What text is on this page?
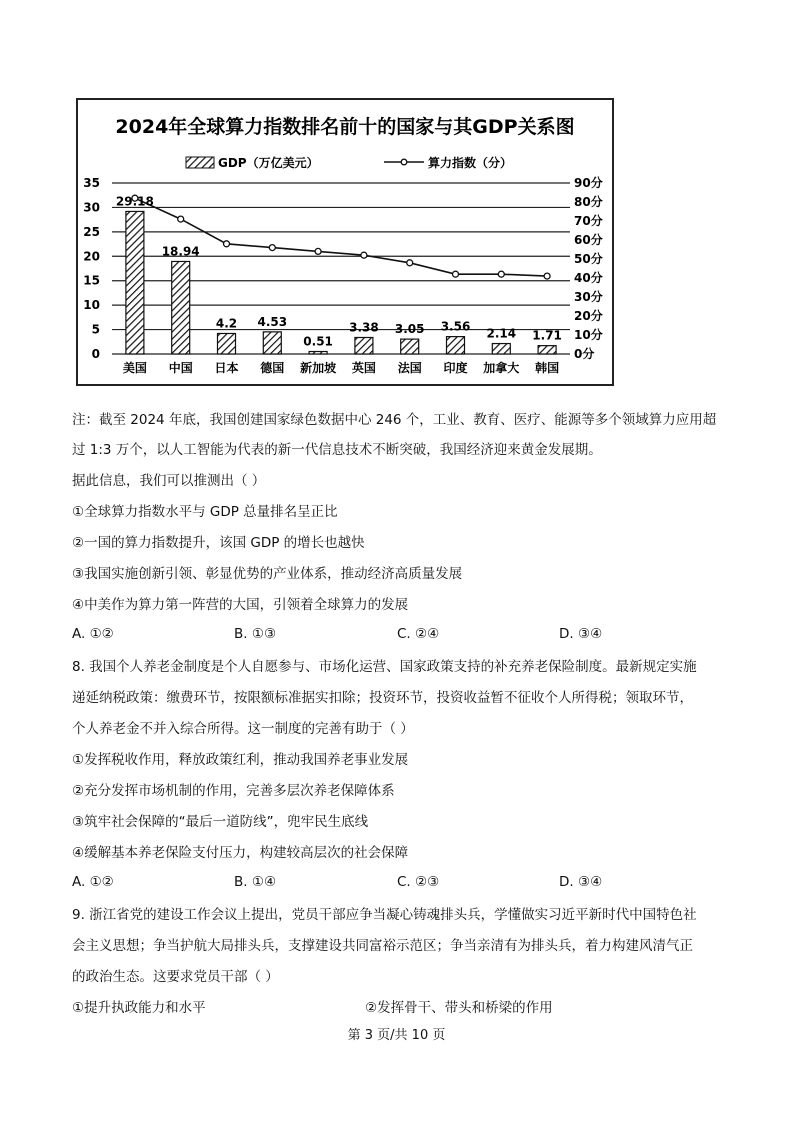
2024年全球算力指数排名前十的国家与其GDP关系图
GDP（万亿美元）	算力指数（分）
0
5
10
15
20
25
30
35
0分
10分
20分
30分
40分
50分
60分
70分
80分
90分
29.18
美国
18.94
中国
4.2
日本
4.53
德国
0.51
新加坡
3.38
英国
3.05
法国
3.56
印度
2.14
加拿大
1.71
韩国
注：截至 2024 年底，我国创建国家绿色数据中心 246 个，工业、教育、医疗、能源等多个领域算力应用超
过 1:3 万个，以人工智能为代表的新一代信息技术不断突破，我国经济迎来黄金发展期。
据此信息，我们可以推测出（ ）
①全球算力指数水平与 GDP 总量排名呈正比
②一国的算力指数提升，该国 GDP 的增长也越快
③我国实施创新引领、彰显优势的产业体系，推动经济高质量发展
④中美作为算力第一阵营的大国，引领着全球算力的发展
A. ①②	B. ①③	C. ②④	D. ③④
8. 我国个人养老金制度是个人自愿参与、市场化运营、国家政策支持的补充养老保险制度。最新规定实施
递延纳税政策：缴费环节，按限额标准据实扣除；投资环节，投资收益暂不征收个人所得税；领取环节，
个人养老金不并入综合所得。这一制度的完善有助于（ ）
①发挥税收作用，释放政策红利，推动我国养老事业发展
②充分发挥市场机制的作用，完善多层次养老保障体系
③筑牢社会保障的“最后一道防线”，兜牢民生底线
④缓解基本养老保险支付压力，构建较高层次的社会保障
A. ①②	B. ①④	C. ②③	D. ③④
9. 浙江省党的建设工作会议上提出，党员干部应争当凝心铸魂排头兵，学懂做实习近平新时代中国特色社
会主义思想；争当护航大局排头兵，支撑建设共同富裕示范区；争当亲清有为排头兵，着力构建风清气正
的政治生态。这要求党员干部（ ）
①提升执政能力和水平	②发挥骨干、带头和桥梁的作用
第 3 页/共 10 页
